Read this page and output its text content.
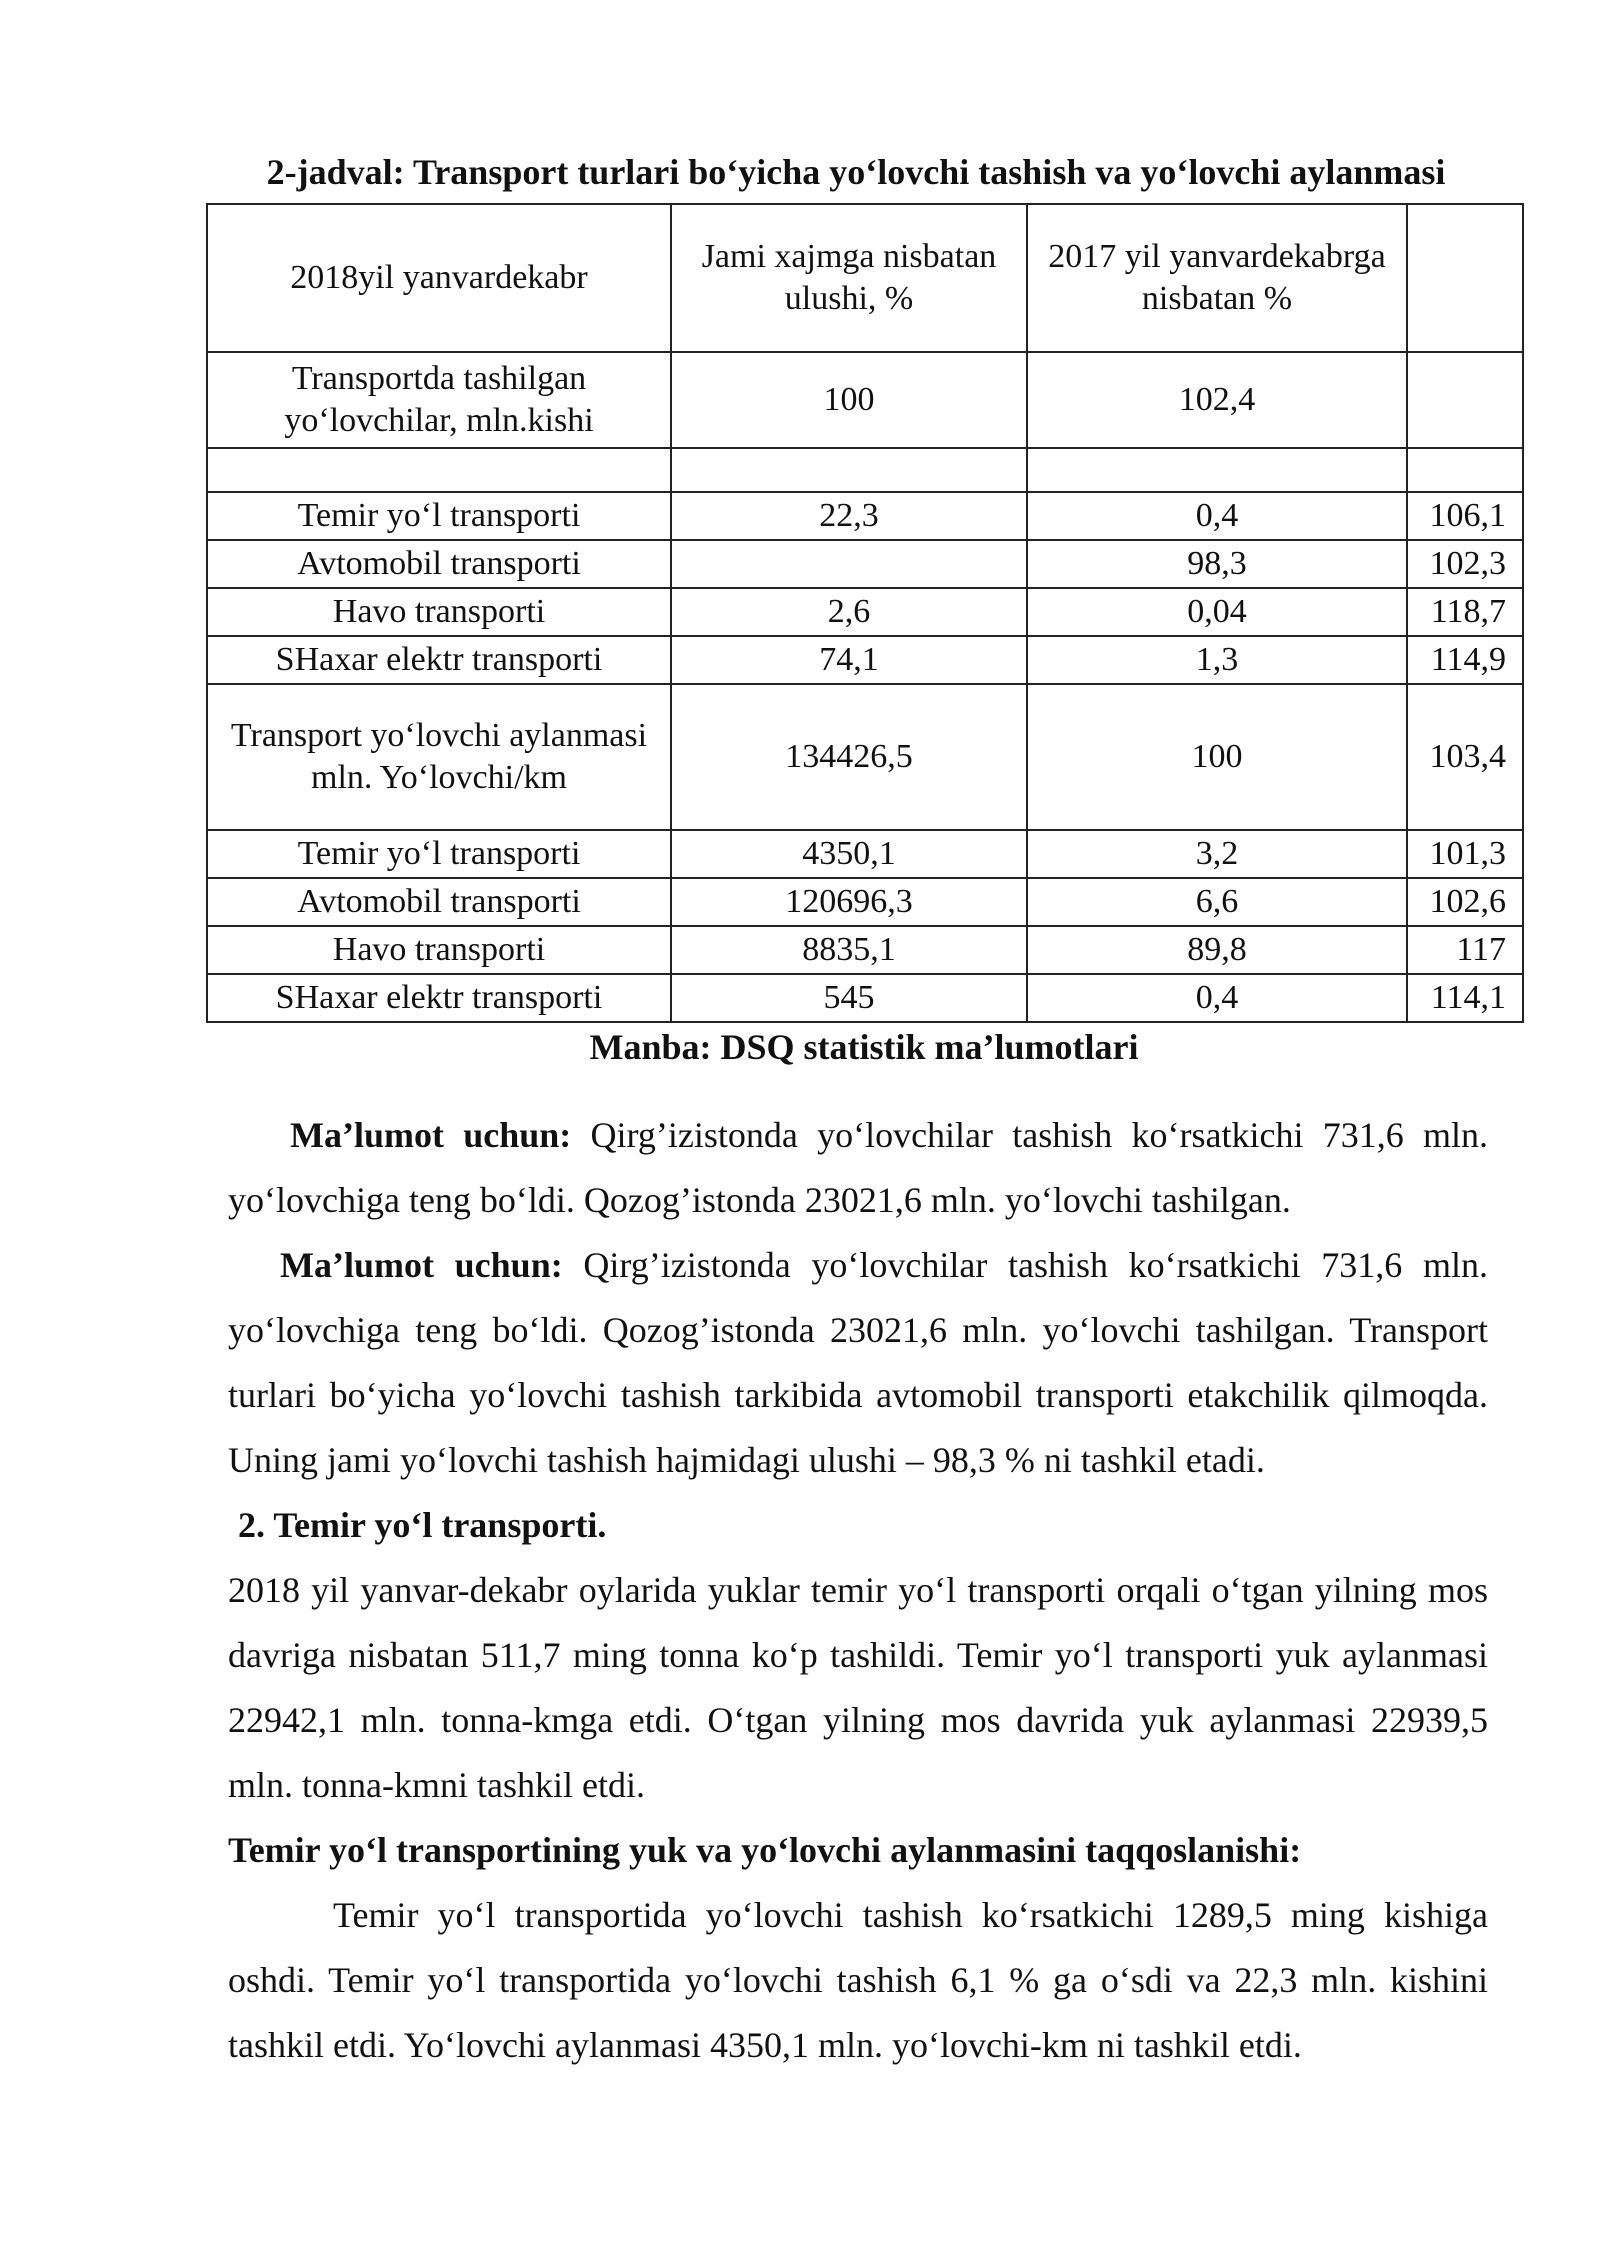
2-jadval: Transport turlari bo‘yicha yo‘lovchi tashish va yo‘lovchi aylanmasi
2018yil yanvardekabr	Jami xajmga nisbatan ulushi, %	2017 yil yanvardekabrga nisbatan %	
Transportda tashilgan yo‘lovchilar, mln.kishi	100	102,4	

Temir yo‘l transporti	22,3	0,4	106,1
Avtomobil transporti		98,3	102,3
Havo transporti	2,6	0,04	118,7
SHaxar elektr transporti	74,1	1,3	114,9
Transport yo‘lovchi aylanmasi mln. Yo‘lovchi/km	134426,5	100	103,4
Temir yo‘l transporti	4350,1	3,2	101,3
Avtomobil transporti	120696,3	6,6	102,6
Havo transporti	8835,1	89,8	117
SHaxar elektr transporti	545	0,4	114,1
Manba: DSQ statistik ma’lumotlari

Ma’lumot uchun: Qirg’izistonda yo‘lovchilar tashish ko‘rsatkichi 731,6 mln. yo‘lovchiga teng bo‘ldi. Qozog’istonda 23021,6 mln. yo‘lovchi tashilgan.

Ma’lumot uchun: Qirg’izistonda yo‘lovchilar tashish ko‘rsatkichi 731,6 mln. yo‘lovchiga teng bo‘ldi. Qozog’istonda 23021,6 mln. yo‘lovchi tashilgan. Transport turlari bo‘yicha yo‘lovchi tashish tarkibida avtomobil transporti etakchilik qilmoqda. Uning jami yo‘lovchi tashish hajmidagi ulushi – 98,3 % ni tashkil etadi.

2. Temir yo‘l transporti.

2018 yil yanvar-dekabr oylarida yuklar temir yo‘l transporti orqali o‘tgan yilning mos davriga nisbatan 511,7 ming tonna ko‘p tashildi. Temir yo‘l transporti yuk aylanmasi 22942,1 mln. tonna-kmga etdi. O‘tgan yilning mos davrida yuk aylanmasi 22939,5 mln. tonna-kmni tashkil etdi.

Temir yo‘l transportining yuk va yo‘lovchi aylanmasini taqqoslanishi:

Temir yo‘l transportida yo‘lovchi tashish ko‘rsatkichi 1289,5 ming kishiga oshdi. Temir yo‘l transportida yo‘lovchi tashish 6,1 % ga o‘sdi va 22,3 mln. kishini tashkil etdi. Yo‘lovchi aylanmasi 4350,1 mln. yo‘lovchi-km ni tashkil etdi.
